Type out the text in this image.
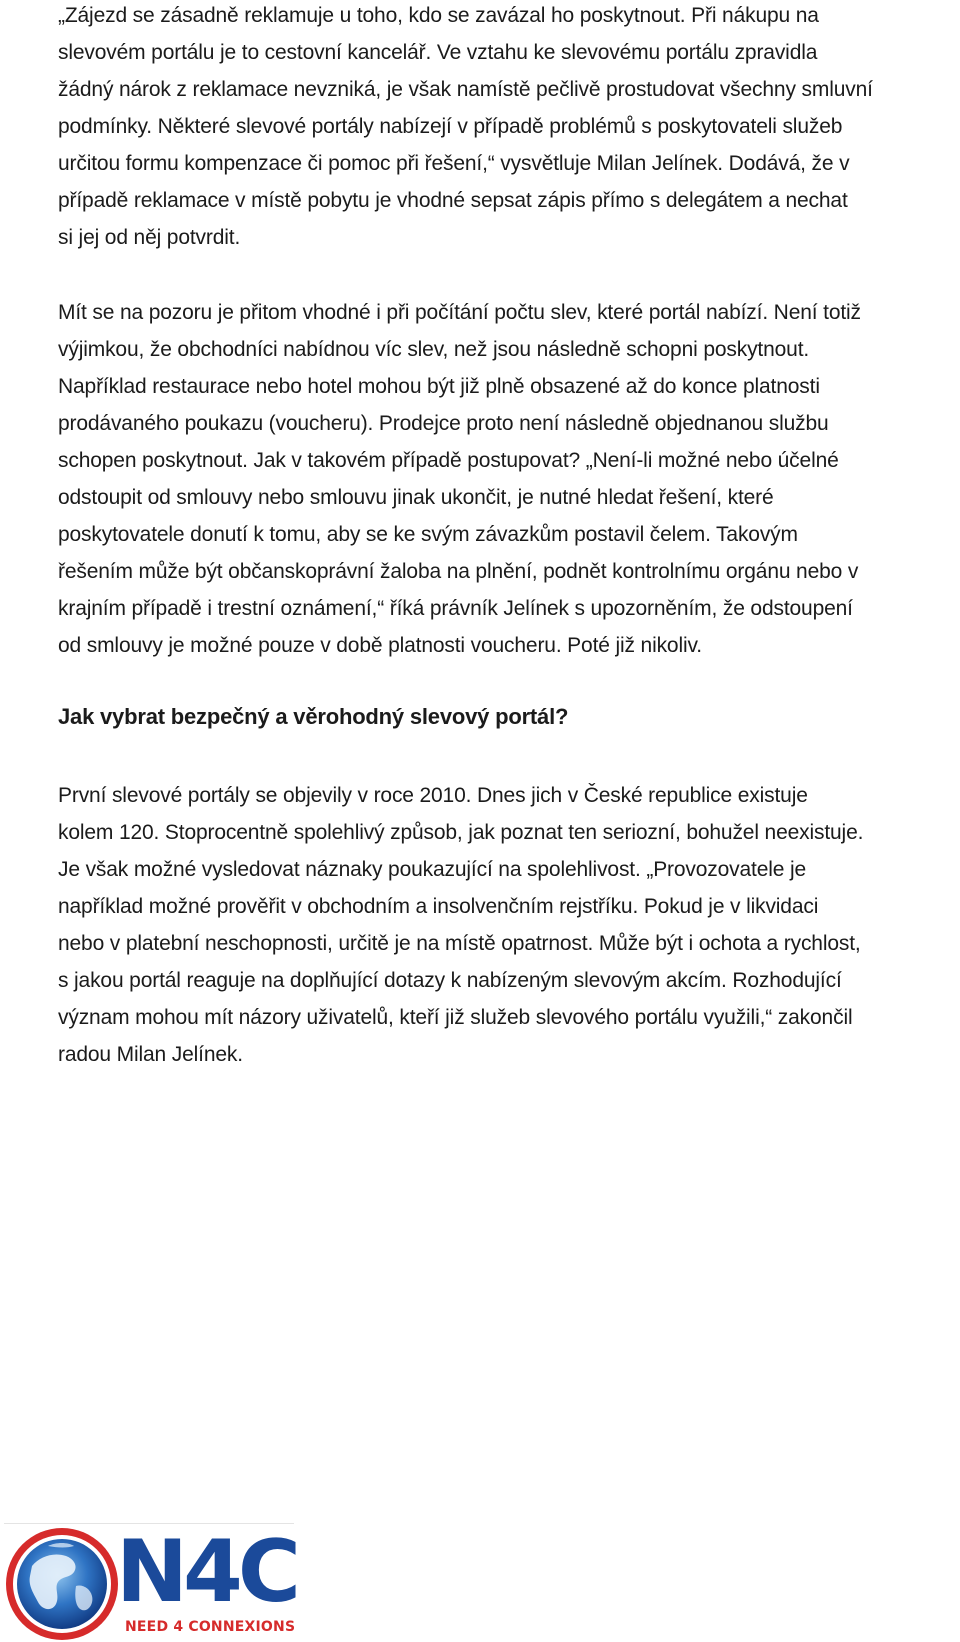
„Zájezd se zásadně reklamuje u toho, kdo se zavázal ho poskytnout. Při nákupu na
slevovém portálu je to cestovní kancelář. Ve vztahu ke slevovému portálu zpravidla
žádný nárok z reklamace nevzniká, je však namístě pečlivě prostudovat všechny smluvní
podmínky. Některé slevové portály nabízejí v případě problémů s poskytovateli služeb
určitou formu kompenzace či pomoc při řešení,“ vysvětluje Milan Jelínek. Dodává, že v
případě reklamace v místě pobytu je vhodné sepsat zápis přímo s delegátem a nechat
si jej od něj potvrdit.

Mít se na pozoru je přitom vhodné i při počítání počtu slev, které portál nabízí. Není totiž
výjimkou, že obchodníci nabídnou víc slev, než jsou následně schopni poskytnout.
Například restaurace nebo hotel mohou být již plně obsazené až do konce platnosti
prodávaného poukazu (voucheru). Prodejce proto není následně objednanou službu
schopen poskytnout. Jak v takovém případě postupovat? „Není-li možné nebo účelné
odstoupit od smlouvy nebo smlouvu jinak ukončit, je nutné hledat řešení, které
poskytovatele donutí k tomu, aby se ke svým závazkům postavil čelem. Takovým
řešením může být občanskoprávní žaloba na plnění, podnět kontrolnímu orgánu nebo v
krajním případě i trestní oznámení,“ říká právník Jelínek s upozorněním, že odstoupení
od smlouvy je možné pouze v době platnosti voucheru. Poté již nikoliv.

Jak vybrat bezpečný a věrohodný slevový portál?

První slevové portály se objevily v roce 2010. Dnes jich v České republice existuje
kolem 120. Stoprocentně spolehlivý způsob, jak poznat ten seriozní, bohužel neexistuje.
Je však možné vysledovat náznaky poukazující na spolehlivost. „Provozovatele je
například možné prověřit v obchodním a insolvenčním rejstříku. Pokud je v likvidaci
nebo v platební neschopnosti, určitě je na místě opatrnost. Může být i ochota a rychlost,
s jakou portál reaguje na doplňující dotazy k nabízeným slevovým akcím. Rozhodující
význam mohou mít názory uživatelů, kteří již služeb slevového portálu využili,“ zakončil
radou Milan Jelínek.

N4C
NEED 4 CONNEXIONS
